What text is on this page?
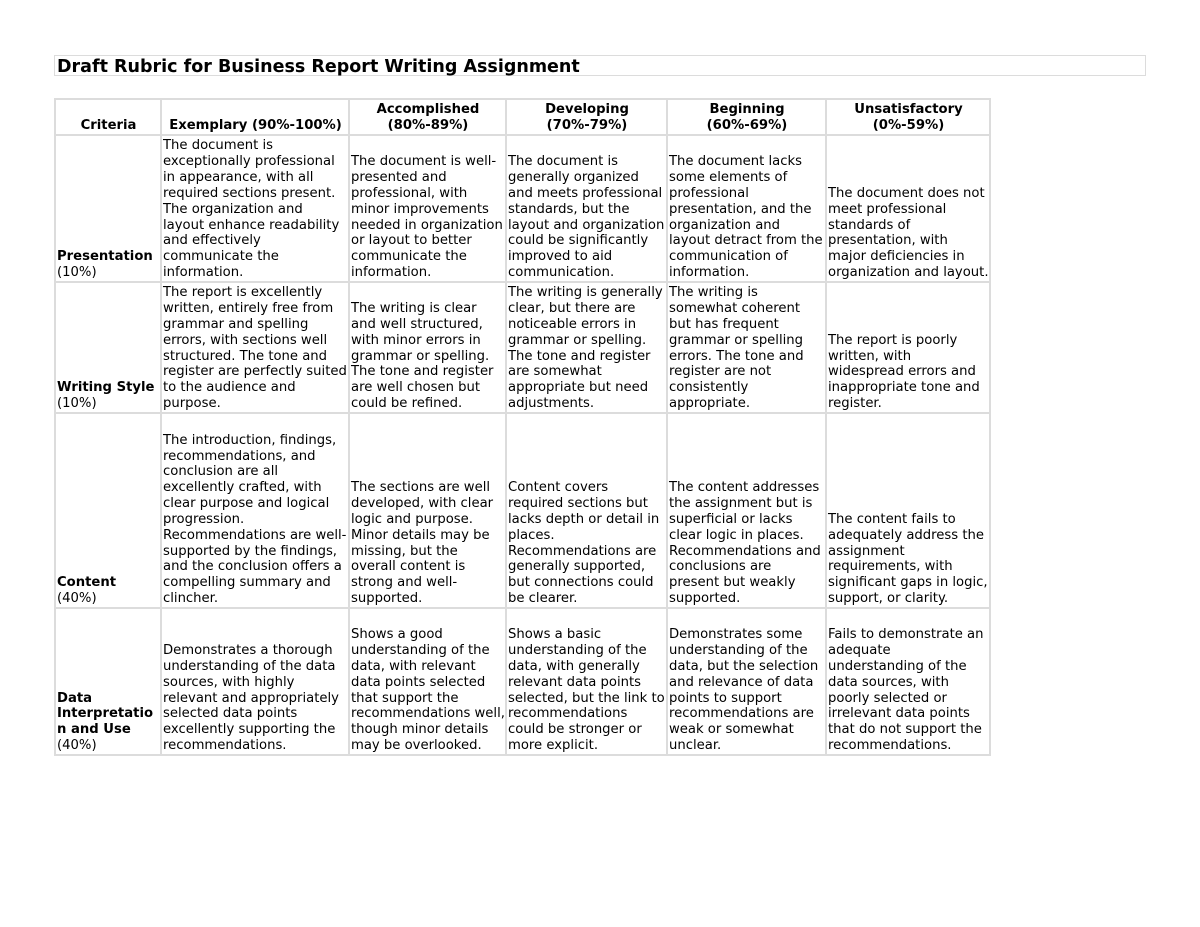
Draft Rubric for Business Report Writing Assignment
Criteria	Exemplary (90%-100%)	Accomplished (80%-89%)	Developing (70%-79%)	Beginning (60%-69%)	Unsatisfactory (0%-59%)

Presentation
(10%)	The document is exceptionally professional in appearance, with all required sections present. The organization and layout enhance readability and effectively communicate the information.	The document is well-presented and professional, with minor improvements needed in organization or layout to better communicate the information.	The document is generally organized and meets professional standards, but the layout and organization could be significantly improved to aid communication.	The document lacks some elements of professional presentation, and the organization and layout detract from the communication of information.	The document does not meet professional standards of presentation, with major deficiencies in organization and layout.

Writing Style
(10%)	The report is excellently written, entirely free from grammar and spelling errors, with sections well structured. The tone and register are perfectly suited to the audience and purpose.	The writing is clear and well structured, with minor errors in grammar or spelling. The tone and register are well chosen but could be refined.	The writing is generally clear, but there are noticeable errors in grammar or spelling. The tone and register are somewhat appropriate but need adjustments.	The writing is somewhat coherent but has frequent grammar or spelling errors. The tone and register are not consistently appropriate.	The report is poorly written, with widespread errors and inappropriate tone and register.

Content
(40%)	The introduction, findings, recommendations, and conclusion are all excellently crafted, with clear purpose and logical progression. Recommendations are well-supported by the findings, and the conclusion offers a compelling summary and clincher.	The sections are well developed, with clear logic and purpose. Minor details may be missing, but the overall content is strong and well-supported.	Content covers required sections but lacks depth or detail in places. Recommendations are generally supported, but connections could be clearer.	The content addresses the assignment but is superficial or lacks clear logic in places. Recommendations and conclusions are present but weakly supported.	The content fails to adequately address the assignment requirements, with significant gaps in logic, support, or clarity.

Data Interpretation and Use
(40%)	Demonstrates a thorough understanding of the data sources, with highly relevant and appropriately selected data points excellently supporting the recommendations.	Shows a good understanding of the data, with relevant data points selected that support the recommendations well, though minor details may be overlooked.	Shows a basic understanding of the data, with generally relevant data points selected, but the link to recommendations could be stronger or more explicit.	Demonstrates some understanding of the data, but the selection and relevance of data points to support recommendations are weak or somewhat unclear.	Fails to demonstrate an adequate understanding of the data sources, with poorly selected or irrelevant data points that do not support the recommendations.
